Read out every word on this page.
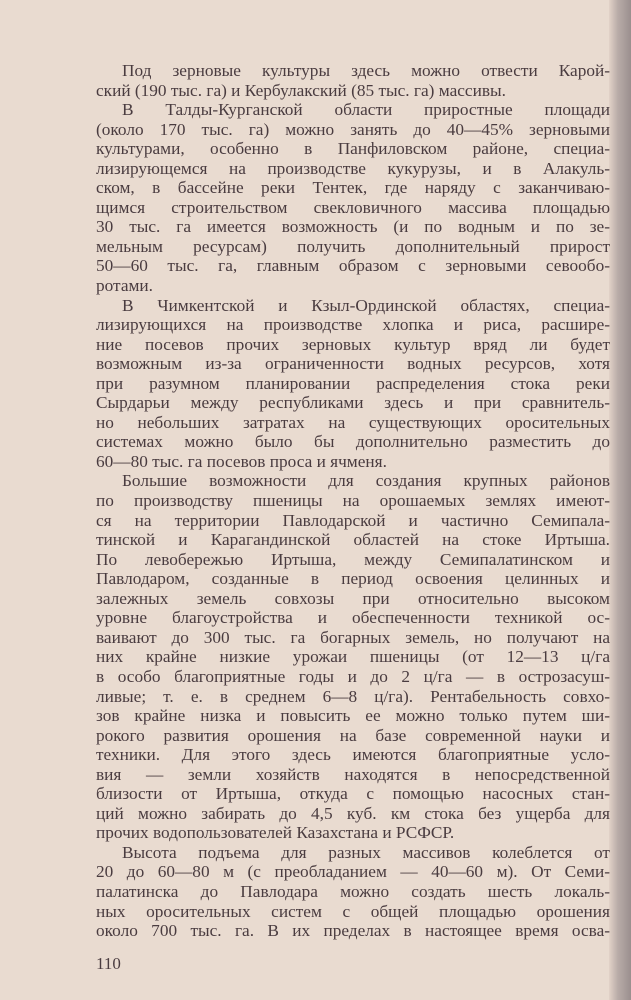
Под зерновые культуры здесь можно отвести Карой-
ский (190 тыс. га) и Кербулакский (85 тыс. га) массивы.
В Талды-Курганской области приростные площади
(около 170 тыс. га) можно занять до 40—45% зерновыми
культурами, особенно в Панфиловском районе, специа-
лизирующемся на производстве кукурузы, и в Алакуль-
ском, в бассейне реки Тентек, где наряду с заканчиваю-
щимся строительством свекловичного массива площадью
30 тыс. га имеется возможность (и по водным и по зе-
мельным ресурсам) получить дополнительный прирост
50—60 тыс. га, главным образом с зерновыми севообо-
ротами.
В Чимкентской и Кзыл-Ординской областях, специа-
лизирующихся на производстве хлопка и риса, расшире-
ние посевов прочих зерновых культур вряд ли будет
возможным из-за ограниченности водных ресурсов, хотя
при разумном планировании распределения стока реки
Сырдарьи между республиками здесь и при сравнитель-
но небольших затратах на существующих оросительных
системах можно было бы дополнительно разместить до
60—80 тыс. га посевов проса и ячменя.
Большие возможности для создания крупных районов
по производству пшеницы на орошаемых землях имеют-
ся на территории Павлодарской и частично Семипала-
тинской и Карагандинской областей на стоке Иртыша.
По левобережью Иртыша, между Семипалатинском и
Павлодаром, созданные в период освоения целинных и
залежных земель совхозы при относительно высоком
уровне благоустройства и обеспеченности техникой ос-
ваивают до 300 тыс. га богарных земель, но получают на
них крайне низкие урожаи пшеницы (от 12—13 ц/га
в особо благоприятные годы и до 2 ц/га — в острозасуш-
ливые; т. е. в среднем 6—8 ц/га). Рентабельность совхо-
зов крайне низка и повысить ее можно только путем ши-
рокого развития орошения на базе современной науки и
техники. Для этого здесь имеются благоприятные усло-
вия — земли хозяйств находятся в непосредственной
близости от Иртыша, откуда с помощью насосных стан-
ций можно забирать до 4,5 куб. км стока без ущерба для
прочих водопользователей Казахстана и РСФСР.
Высота подъема для разных массивов колеблется от
20 до 60—80 м (с преобладанием — 40—60 м). От Семи-
палатинска до Павлодара можно создать шесть локаль-
ных оросительных систем с общей площадью орошения
около 700 тыс. га. В их пределах в настоящее время осва-
110
